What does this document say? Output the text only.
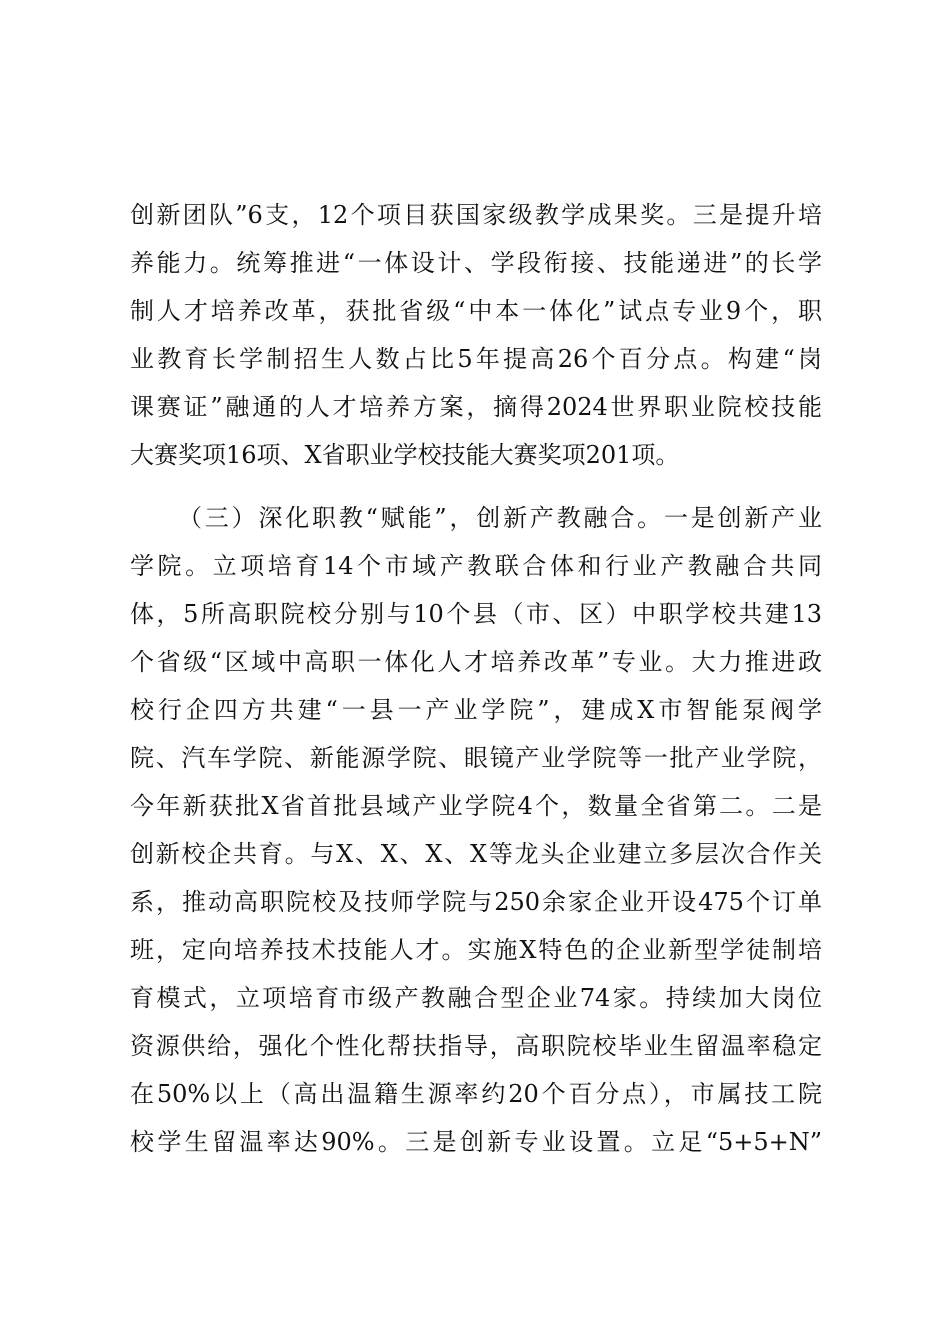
创新团队”6支，12个项目获国家级教学成果奖。三是提升培
养能力。统筹推进“一体设计、学段衔接、技能递进”的长学
制人才培养改革，获批省级“中本一体化”试点专业9个，职
业教育长学制招生人数占比5年提高26个百分点。构建“岗
课赛证”融通的人才培养方案，摘得2024世界职业院校技能
大赛奖项16项、X省职业学校技能大赛奖项201项。
（三）深化职教“赋能”，创新产教融合。一是创新产业
学院。立项培育14个市域产教联合体和行业产教融合共同
体，5所高职院校分别与10个县（市、区）中职学校共建13
个省级“区域中高职一体化人才培养改革”专业。大力推进政
校行企四方共建“一县一产业学院”，建成X市智能泵阀学
院、汽车学院、新能源学院、眼镜产业学院等一批产业学院，
今年新获批X省首批县域产业学院4个，数量全省第二。二是
创新校企共育。与X、X、X、X等龙头企业建立多层次合作关
系，推动高职院校及技师学院与250余家企业开设475个订单
班，定向培养技术技能人才。实施X特色的企业新型学徒制培
育模式，立项培育市级产教融合型企业74家。持续加大岗位
资源供给，强化个性化帮扶指导，高职院校毕业生留温率稳定
在50%以上（高出温籍生源率约20个百分点），市属技工院
校学生留温率达90%。三是创新专业设置。立足“5+5+N”
